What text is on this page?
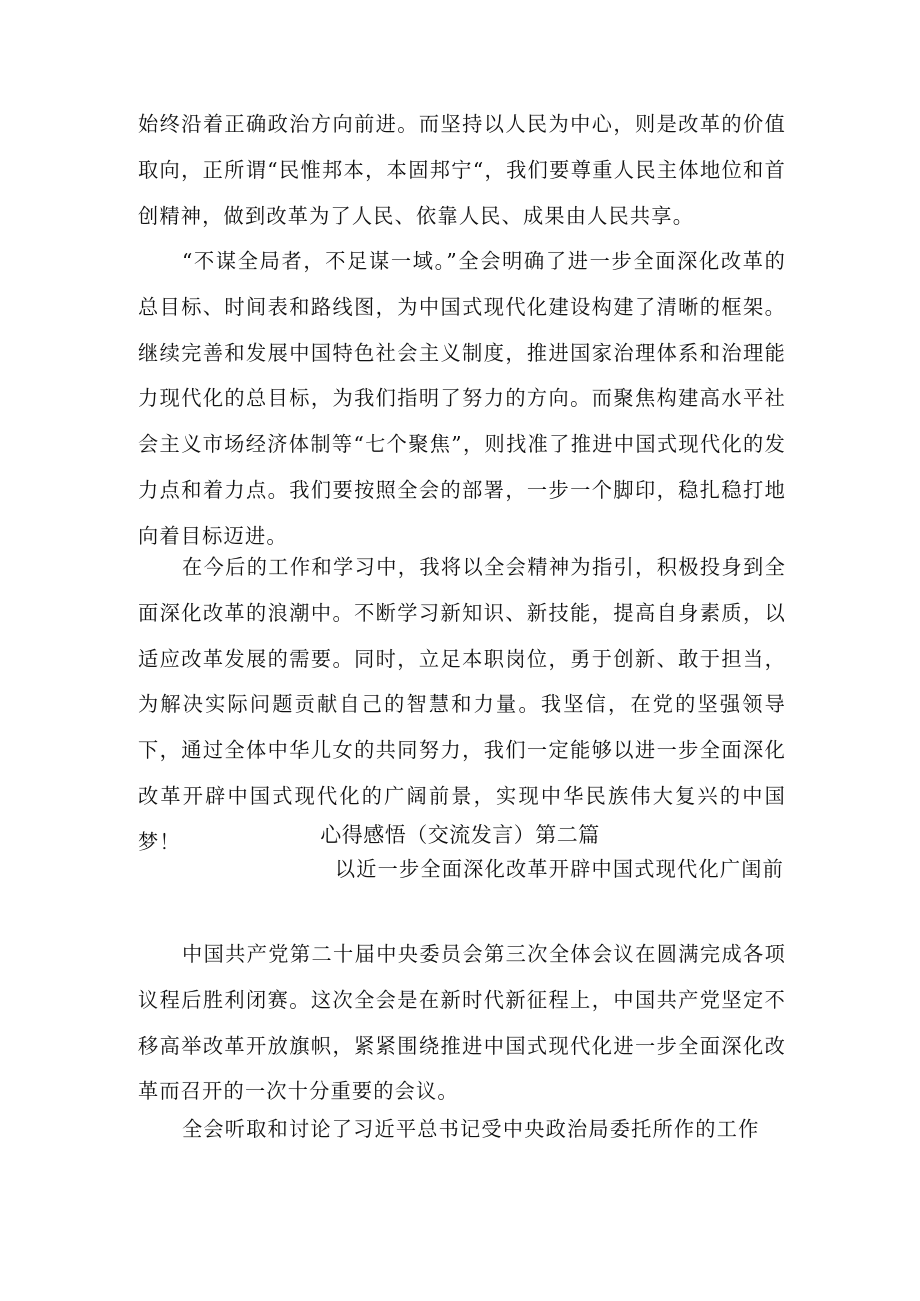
始终沿着正确政治方向前进。而坚持以人民为中心，则是改革的价值取向，正所谓“民惟邦本，本固邦宁“，我们要尊重人民主体地位和首创精神，做到改革为了人民、依靠人民、成果由人民共享。

“不谋全局者，不足谋一域。”全会明确了进一步全面深化改革的总目标、时间表和路线图，为中国式现代化建设构建了清晰的框架。继续完善和发展中国特色社会主义制度，推进国家治理体系和治理能力现代化的总目标，为我们指明了努力的方向。而聚焦构建高水平社会主义市场经济体制等“七个聚焦”，则找准了推进中国式现代化的发力点和着力点。我们要按照全会的部署，一步一个脚印，稳扎稳打地向着目标迈进。

在今后的工作和学习中，我将以全会精神为指引，积极投身到全面深化改革的浪潮中。不断学习新知识、新技能，提高自身素质，以适应改革发展的需要。同时，立足本职岗位，勇于创新、敢于担当，为解决实际问题贡献自己的智慧和力量。我坚信，在党的坚强领导下，通过全体中华儿女的共同努力，我们一定能够以进一步全面深化改革开辟中国式现代化的广阔前景，实现中华民族伟大复兴的中国梦！	心得感悟（交流发言）第二篇
以近一步全面深化改革开辟中国式现代化广闺前

中国共产党第二十届中央委员会第三次全体会议在圆满完成各项议程后胜利闭赛。这次全会是在新时代新征程上，中国共产党坚定不移高举改革开放旗帜，紧紧围绕推进中国式现代化进一步全面深化改革而召开的一次十分重要的会议。

全会听取和讨论了习近平总书记受中央政治局委托所作的工作
